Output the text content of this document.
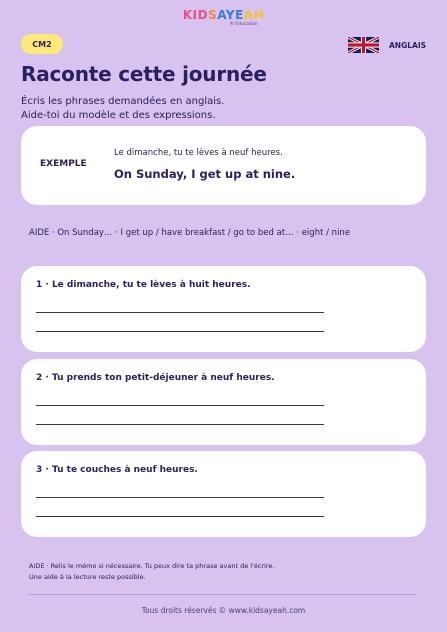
KIDSAYEAH
® Education
CM2	ANGLAIS
Raconte cette journée
Écris les phrases demandées en anglais.
Aide-toi du modèle et des expressions.
EXEMPLE
Le dimanche, tu te lèves à neuf heures.
On Sunday, I get up at nine.
AIDE · On Sunday… · I get up / have breakfast / go to bed at… · eight / nine
1 · Le dimanche, tu te lèves à huit heures.
2 · Tu prends ton petit-déjeuner à neuf heures.
3 · Tu te couches à neuf heures.
AIDE · Relis le mémo si nécessaire. Tu peux dire ta phrase avant de l'écrire.
Une aide à la lecture reste possible.
Tous droits réservés © www.kidsayeah.com
